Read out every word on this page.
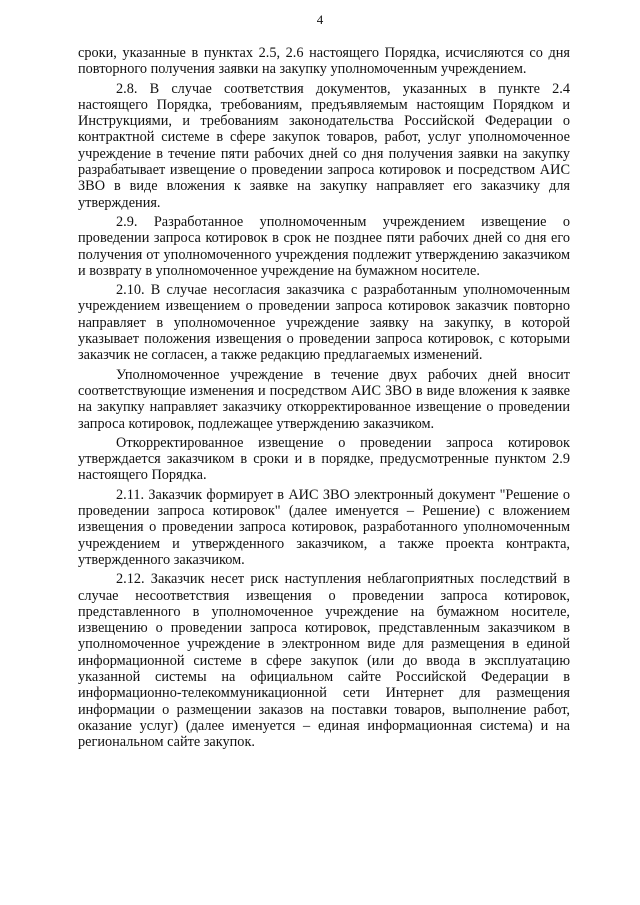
4

сроки, указанные в пунктах 2.5, 2.6 настоящего Порядка, исчисляются со дня повторного получения заявки на закупку уполномоченным учреждением.

2.8. В случае соответствия документов, указанных в пункте 2.4 настоящего Порядка, требованиям, предъявляемым настоящим Порядком и Инструкциями, и требованиям законодательства Российской Федерации о контрактной системе в сфере закупок товаров, работ, услуг уполномоченное учреждение в течение пяти рабочих дней со дня получения заявки на закупку разрабатывает извещение о проведении запроса котировок и посредством АИС ЗВО в виде вложения к заявке на закупку направляет его заказчику для утверждения.

2.9. Разработанное уполномоченным учреждением извещение о проведении запроса котировок в срок не позднее пяти рабочих дней со дня его получения от уполномоченного учреждения подлежит утверждению заказчиком и возврату в уполномоченное учреждение на бумажном носителе.

2.10. В случае несогласия заказчика с разработанным уполномоченным учреждением извещением о проведении запроса котировок заказчик повторно направляет в уполномоченное учреждение заявку на закупку, в которой указывает положения извещения о проведении запроса котировок, с которыми заказчик не согласен, а также редакцию предлагаемых изменений.

Уполномоченное учреждение в течение двух рабочих дней вносит соответствующие изменения и посредством АИС ЗВО в виде вложения к заявке на закупку направляет заказчику откорректированное извещение о проведении запроса котировок, подлежащее утверждению заказчиком.

Откорректированное извещение о проведении запроса котировок утверждается заказчиком в сроки и в порядке, предусмотренные пунктом 2.9 настоящего Порядка.

2.11. Заказчик формирует в АИС ЗВО электронный документ "Решение о проведении запроса котировок" (далее именуется – Решение) с вложением извещения о проведении запроса котировок, разработанного уполномоченным учреждением и утвержденного заказчиком, а также проекта контракта, утвержденного заказчиком.

2.12. Заказчик несет риск наступления неблагоприятных последствий в случае несоответствия извещения о проведении запроса котировок, представленного в уполномоченное учреждение на бумажном носителе, извещению о проведении запроса котировок, представленным заказчиком в уполномоченное учреждение в электронном виде для размещения в единой информационной системе в сфере закупок (или до ввода в эксплуатацию указанной системы на официальном сайте Российской Федерации в информационно-телекоммуникационной сети Интернет для размещения информации о размещении заказов на поставки товаров, выполнение работ, оказание услуг) (далее именуется – единая информационная система) и на региональном сайте закупок.
